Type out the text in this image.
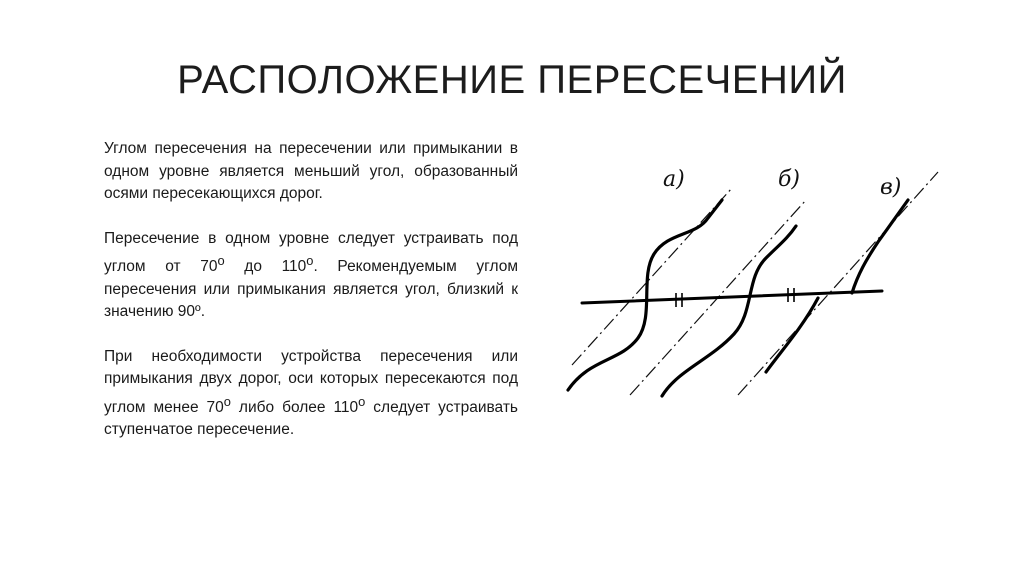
РАСПОЛОЖЕНИЕ ПЕРЕСЕЧЕНИЙ

Углом пересечения на пересечении или примыкании в одном уровне является меньший угол, образованный осями пересекающихся дорог.

Пересечение в одном уровне следует устраивать под углом от $70^о$ до $110^о$. Рекомендуемым углом пересечения или примыкания является угол, близкий к значению 90º.

При необходимости устройства пересечения или примыкания двух дорог, оси которых пересекаются под углом менее $70^о$ либо более $110^о$ следует устраивать ступенчатое пересечение.

а)	б)	в)
